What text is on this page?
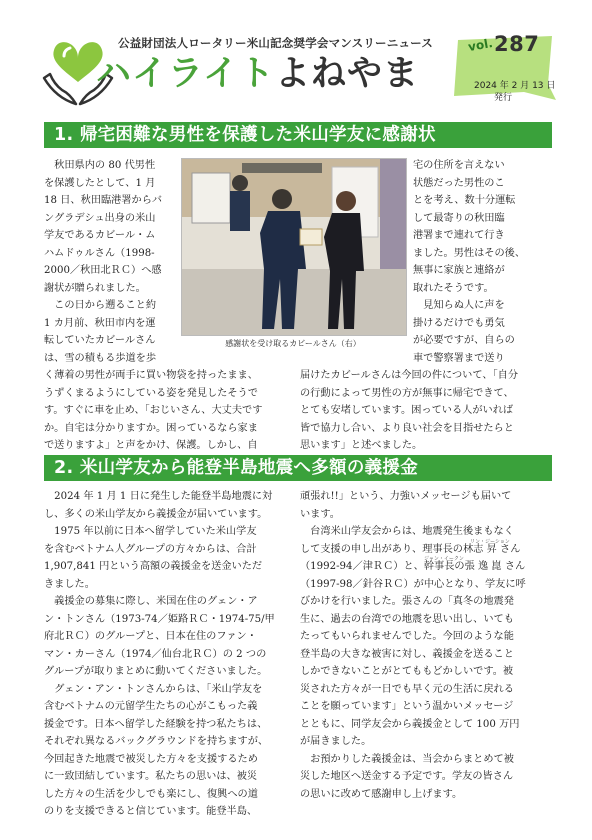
公益財団法人ロータリー米山記念奨学会マンスリーニュース
ハイライトよねやま
vol. 287
2024 年 2 月 13 日
発行
1. 帰宅困難な男性を保護した米山学友に感謝状
　秋田県内の 80 代男性
を保護したとして、1 月
18 日、秋田臨港署からバ
ングラデシュ出身の米山
学友であるカビール・ム
ハムドゥルさん（1998-
2000／秋田北ＲＣ）へ感
謝状が贈られました。
　この日から遡ること約
1 カ月前、秋田市内を運
転していたカビールさん
は、雪の積もる歩道を歩
感謝状を受け取るカビールさん（右）
宅の住所を言えない
状態だった男性のこ
とを考え、数十分運転
して最寄りの秋田臨
港署まで連れて行き
ました。男性はその後、
無事に家族と連絡が
取れたそうです。
　見知らぬ人に声を
掛けるだけでも勇気
が必要ですが、自らの
車で警察署まで送り
く薄着の男性が両手に買い物袋を持ったまま、
うずくまるようにしている姿を発見したそうで
す。すぐに車を止め、「おじいさん、大丈夫です
か。自宅は分かりますか。困っているなら家ま
で送りますよ」と声をかけ、保護。しかし、自
届けたカビールさんは今回の件について、「自分
の行動によって男性の方が無事に帰宅できて、
とても安堵しています。困っている人がいれば
皆で協力し合い、より良い社会を目指せたらと
思います」と述べました。
2. 米山学友から能登半島地震へ多額の義援金
　2024 年 1 月 1 日に発生した能登半島地震に対
し、多くの米山学友から義援金が届いています。
　1975 年以前に日本へ留学していた米山学友
を含むベトナム人グループの方々からは、合計
1,907,841 円という高額の義援金を送金いただ
きました。
　義援金の募集に際し、米国在住のグェン・ア
ン・トンさん（1973-74／姫路ＲＣ・1974-75/甲
府北ＲＣ）のグループと、日本在住のファン・
マン・カーさん（1974／仙台北ＲＣ）の 2 つの
グループが取りまとめに動いてくださいました。
　グェン・アン・トンさんからは、「米山学友を
含むベトナムの元留学生たちの心がこもった義
援金です。日本へ留学した経験を持つ私たちは、
それぞれ異なるバックグラウンドを持ちますが、
今回起きた地震で被災した方々を支援するため
に一致団結しています。私たちの思いは、被災
した方々の生活を少しでも楽にし、復興への道
のりを支援できると信じています。能登半島、
頑張れ!!」という、力強いメッセージも届いて
います。
　台湾米山学友会からは、地震発生後まもなく
して支援の申し出があり、理事長の林志 昇 さん
（1992-94／津ＲＣ）と、幹事長の張 逸 崑 さん
（1997-98／針谷ＲＣ）が中心となり、学友に呼
びかけを行いました。張さんの「真冬の地震発
生に、過去の台湾での地震を思い出し、いても
たってもいられませんでした。今回のような能
登半島の大きな被害に対し、義援金を送ること
しかできないことがとてももどかしいです。被
災された方々が一日でも早く元の生活に戻れる
ことを願っています」という温かいメッセージ
とともに、同学友会から義援金として 100 万円
が届きました。
　お預かりした義援金は、当会からまとめて被
災した地区へ送金する予定です。学友の皆さん
の思いに改めて感謝申し上げます。
リン・ジーション
ジャン・イークン
